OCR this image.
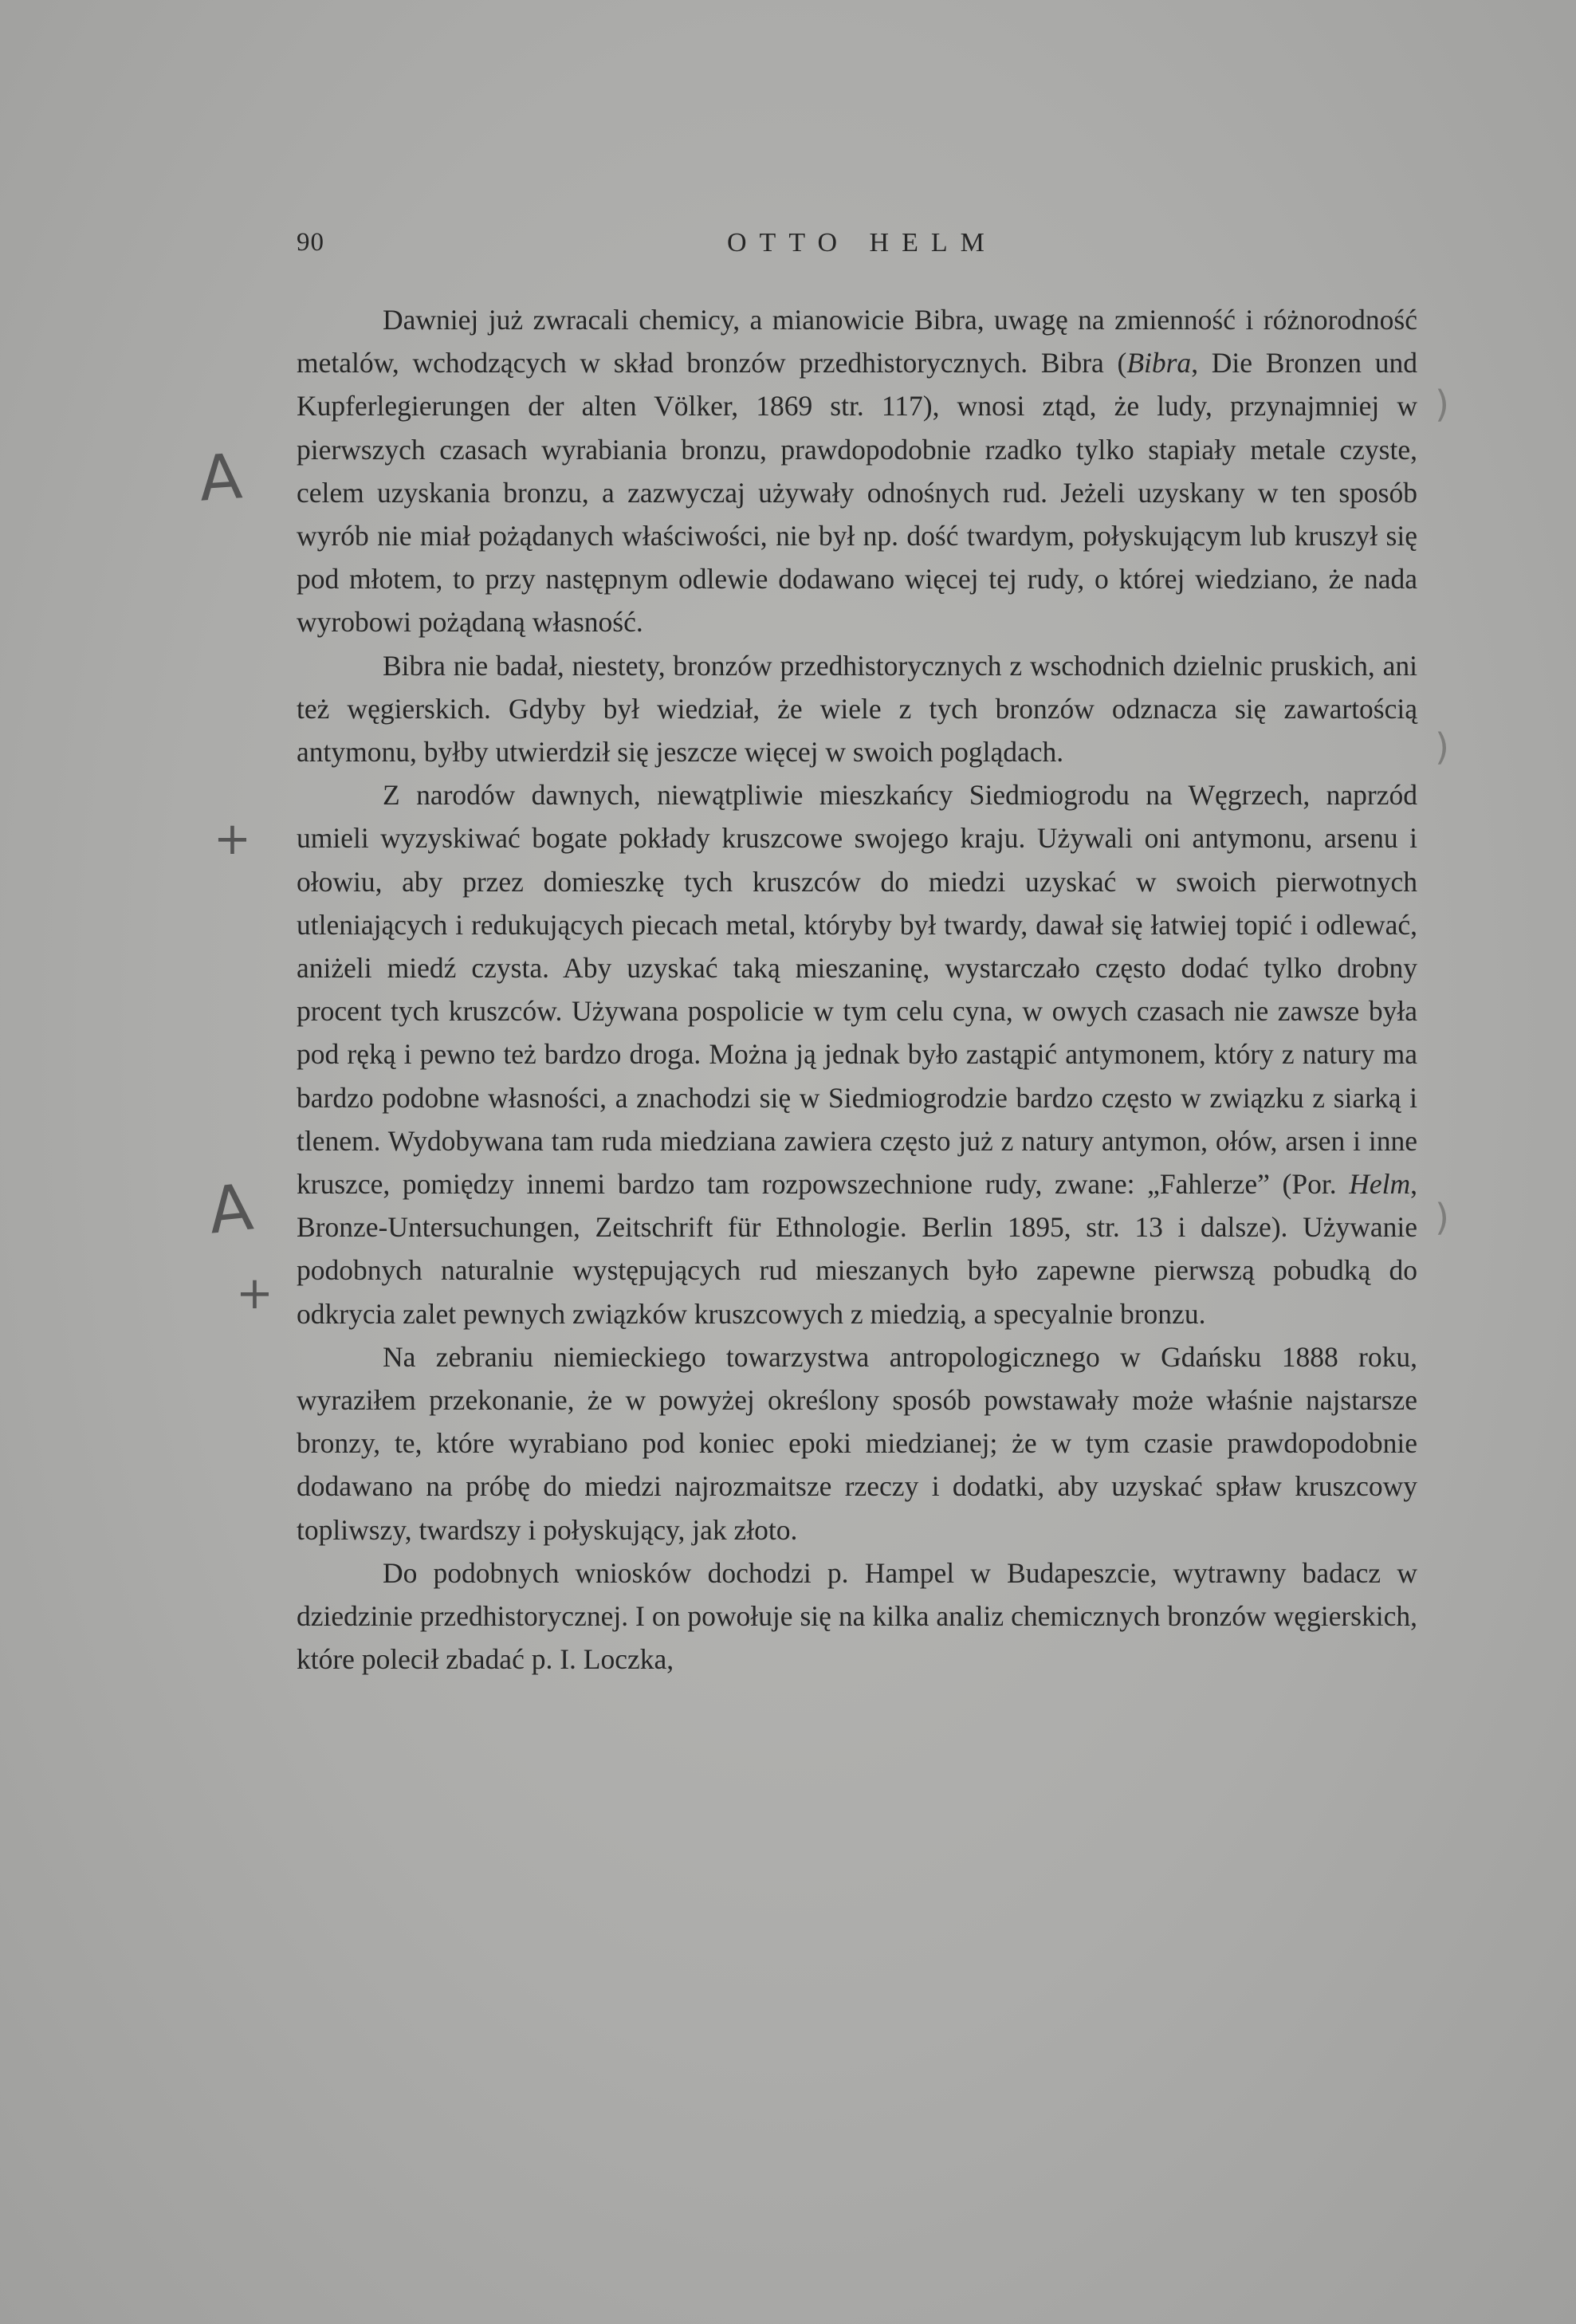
90	OTTO HELM

Dawniej już zwracali chemicy, a mianowicie Bibra, uwagę na zmienność i różnorodność metalów, wchodzących w skład bronzów przedhistorycznych. Bibra (Bibra, Die Bronzen und Kupferlegierungen der alten Völker, 1869 str. 117), wnosi ztąd, że ludy, przynajmniej w pierwszych czasach wyrabiania bronzu, prawdopodobnie rzadko tylko stapiały metale czyste, celem uzyskania bronzu, a zazwyczaj używały odnośnych rud. Jeżeli uzyskany w ten sposób wyrób nie miał pożądanych właściwości, nie był np. dość twardym, połyskującym lub kruszył się pod młotem, to przy następnym odlewie dodawano więcej tej rudy, o której wiedziano, że nada wyrobowi pożądaną własność.

Bibra nie badał, niestety, bronzów przedhistorycznych z wschodnich dzielnic pruskich, ani też węgierskich. Gdyby był wiedział, że wiele z tych bronzów odznacza się zawartością antymonu, byłby utwierdził się jeszcze więcej w swoich poglądach.

Z narodów dawnych, niewątpliwie mieszkańcy Siedmiogrodu na Węgrzech, naprzód umieli wyzyskiwać bogate pokłady kruszcowe swojego kraju. Używali oni antymonu, arsenu i ołowiu, aby przez domieszkę tych kruszców do miedzi uzyskać w swoich pierwotnych utleniających i redukujących piecach metal, któryby był twardy, dawał się łatwiej topić i odlewać, aniżeli miedź czysta. Aby uzyskać taką mieszaninę, wystarczało często dodać tylko drobny procent tych kruszców. Używana pospolicie w tym celu cyna, w owych czasach nie zawsze była pod ręką i pewno też bardzo droga. Można ją jednak było zastąpić antymonem, który z natury ma bardzo podobne własności, a znachodzi się w Siedmiogrodzie bardzo często w związku z siarką i tlenem. Wydobywana tam ruda miedziana zawiera często już z natury antymon, ołów, arsen i inne kruszce, pomiędzy innemi bardzo tam rozpowszechnione rudy, zwane: „Fahlerze” (Por. Helm, Bronze-Untersuchungen, Zeitschrift für Ethnologie. Berlin 1895, str. 13 i dalsze). Używanie podobnych naturalnie występujących rud mieszanych było zapewne pierwszą pobudką do odkrycia zalet pewnych związków kruszcowych z miedzią, a specyalnie bronzu.

Na zebraniu niemieckiego towarzystwa antropologicznego w Gdańsku 1888 roku, wyraziłem przekonanie, że w powyżej określony sposób powstawały może właśnie najstarsze bronzy, te, które wyrabiano pod koniec epoki miedzianej; że w tym czasie prawdopodobnie dodawano na próbę do miedzi najrozmaitsze rzeczy i dodatki, aby uzyskać spław kruszcowy topliwszy, twardszy i połyskujący, jak złoto.

Do podobnych wniosków dochodzi p. Hampel w Budapeszcie, wytrawny badacz w dziedzinie przedhistorycznej. I on powołuje się na kilka analiz chemicznych bronzów węgierskich, które polecił zbadać p. I. Loczka,

A
+
A
+
)
)
)
